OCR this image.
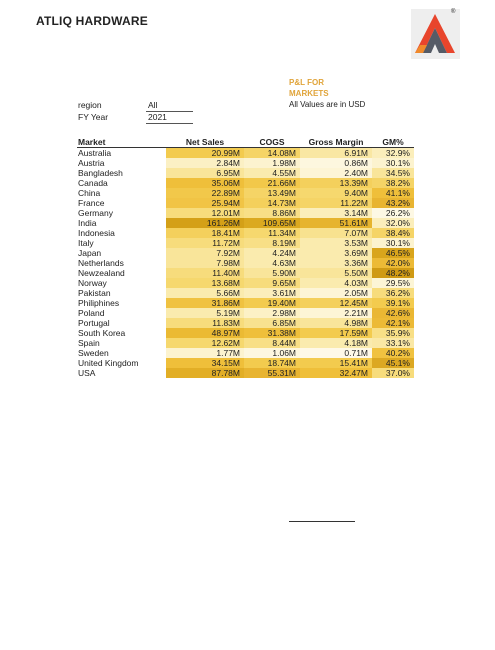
ATLIQ HARDWARE
®
P&L FOR
MARKETS
All Values are in USD
region	All
FY Year	2021
Market	Net Sales	COGS	Gross Margin	GM%
Australia	20.99M	14.08M	6.91M	32.9%
Austria	2.84M	1.98M	0.86M	30.1%
Bangladesh	6.95M	4.55M	2.40M	34.5%
Canada	35.06M	21.66M	13.39M	38.2%
China	22.89M	13.49M	9.40M	41.1%
France	25.94M	14.73M	11.22M	43.2%
Germany	12.01M	8.86M	3.14M	26.2%
India	161.26M	109.65M	51.61M	32.0%
Indonesia	18.41M	11.34M	7.07M	38.4%
Italy	11.72M	8.19M	3.53M	30.1%
Japan	7.92M	4.24M	3.69M	46.5%
Netherlands	7.98M	4.63M	3.36M	42.0%
Newzealand	11.40M	5.90M	5.50M	48.2%
Norway	13.68M	9.65M	4.03M	29.5%
Pakistan	5.66M	3.61M	2.05M	36.2%
Philiphines	31.86M	19.40M	12.45M	39.1%
Poland	5.19M	2.98M	2.21M	42.6%
Portugal	11.83M	6.85M	4.98M	42.1%
South Korea	48.97M	31.38M	17.59M	35.9%
Spain	12.62M	8.44M	4.18M	33.1%
Sweden	1.77M	1.06M	0.71M	40.2%
United Kingdom	34.15M	18.74M	15.41M	45.1%
USA	87.78M	55.31M	32.47M	37.0%
